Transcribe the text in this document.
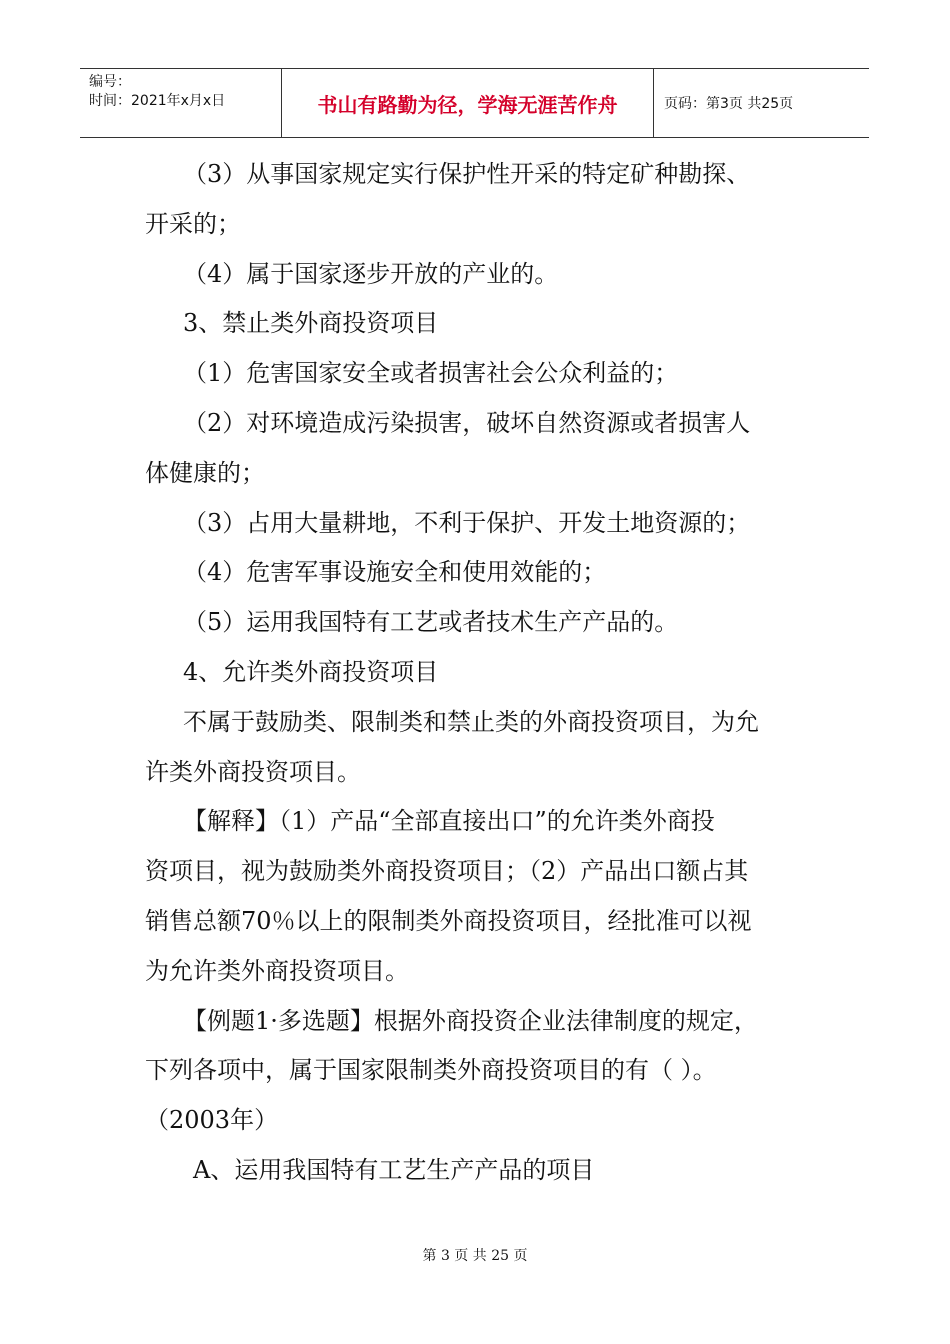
编号：
时间：2021年x月x日	书山有路勤为径，学海无涯苦作舟	页码：第3页 共25页
（3）从事国家规定实行保护性开采的特定矿种勘探、
开采的；
（4）属于国家逐步开放的产业的。
3、禁止类外商投资项目
（1）危害国家安全或者损害社会公众利益的；
（2）对环境造成污染损害，破坏自然资源或者损害人
体健康的；
（3）占用大量耕地，不利于保护、开发土地资源的；
（4）危害军事设施安全和使用效能的；
（5）运用我国特有工艺或者技术生产产品的。
4、允许类外商投资项目
不属于鼓励类、限制类和禁止类的外商投资项目，为允
许类外商投资项目。
【解释】（1）产品“全部直接出口”的允许类外商投
资项目，视为鼓励类外商投资项目；（2）产品出口额占其
销售总额70％以上的限制类外商投资项目，经批准可以视
为允许类外商投资项目。
【例题1·多选题】根据外商投资企业法律制度的规定，
下列各项中，属于国家限制类外商投资项目的有（ ）。
（2003年）
A、运用我国特有工艺生产产品的项目
第 3 页 共 25 页
